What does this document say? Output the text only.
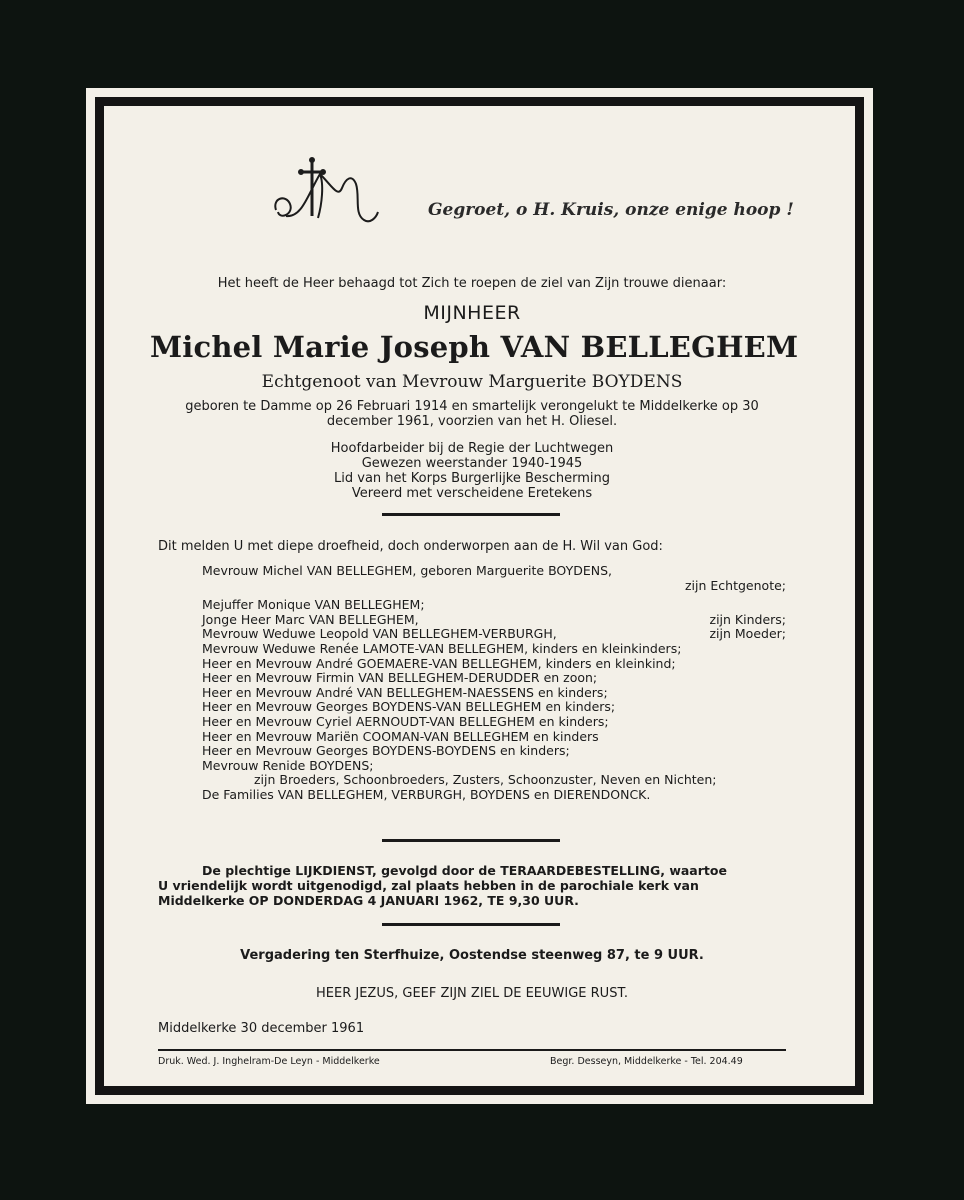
Gegroet, o H. Kruis, onze enige hoop !
Het heeft de Heer behaagd tot Zich te roepen de ziel van Zijn trouwe dienaar:
MIJNHEER
Michel Marie Joseph VAN BELLEGHEM
Echtgenoot van Mevrouw Marguerite BOYDENS
geboren te Damme op 26 Februari 1914 en smartelijk verongelukt te Middelkerke op 30 december 1961, voorzien van het H. Oliesel.
Hoofdarbeider bij de Regie der Luchtwegen
Gewezen weerstander 1940-1945
Lid van het Korps Burgerlijke Bescherming
Vereerd met verscheidene Eretekens
Dit melden U met diepe droefheid, doch onderworpen aan de H. Wil van God:
Mevrouw Michel VAN BELLEGHEM, geboren Marguerite BOYDENS,
zijn Echtgenote;
Mejuffer Monique VAN BELLEGHEM;
Jonge Heer Marc VAN BELLEGHEM,	zijn Kinders;
Mevrouw Weduwe Leopold VAN BELLEGHEM-VERBURGH,	zijn Moeder;
Mevrouw Weduwe Renée LAMOTE-VAN BELLEGHEM, kinders en kleinkinders;
Heer en Mevrouw André GOEMAERE-VAN BELLEGHEM, kinders en kleinkind;
Heer en Mevrouw Firmin VAN BELLEGHEM-DERUDDER en zoon;
Heer en Mevrouw André VAN BELLEGHEM-NAESSENS en kinders;
Heer en Mevrouw Georges BOYDENS-VAN BELLEGHEM en kinders;
Heer en Mevrouw Cyriel AERNOUDT-VAN BELLEGHEM en kinders;
Heer en Mevrouw Mariën COOMAN-VAN BELLEGHEM en kinders
Heer en Mevrouw Georges BOYDENS-BOYDENS en kinders;
Mevrouw Renide BOYDENS;
zijn Broeders, Schoonbroeders, Zusters, Schoonzuster, Neven en Nichten;
De Families VAN BELLEGHEM, VERBURGH, BOYDENS en DIERENDONCK.
De plechtige LIJKDIENST, gevolgd door de TERAARDEBESTELLING, waartoe
U vriendelijk wordt uitgenodigd, zal plaats hebben in de parochiale kerk van
Middelkerke OP DONDERDAG 4 JANUARI 1962, TE 9,30 UUR.
Vergadering ten Sterfhuize, Oostendse steenweg 87, te 9 UUR.
HEER JEZUS, GEEF ZIJN ZIEL DE EEUWIGE RUST.
Middelkerke 30 december 1961
Druk. Wed. J. Inghelram-De Leyn - Middelkerke	Begr. Desseyn, Middelkerke - Tel. 204.49
